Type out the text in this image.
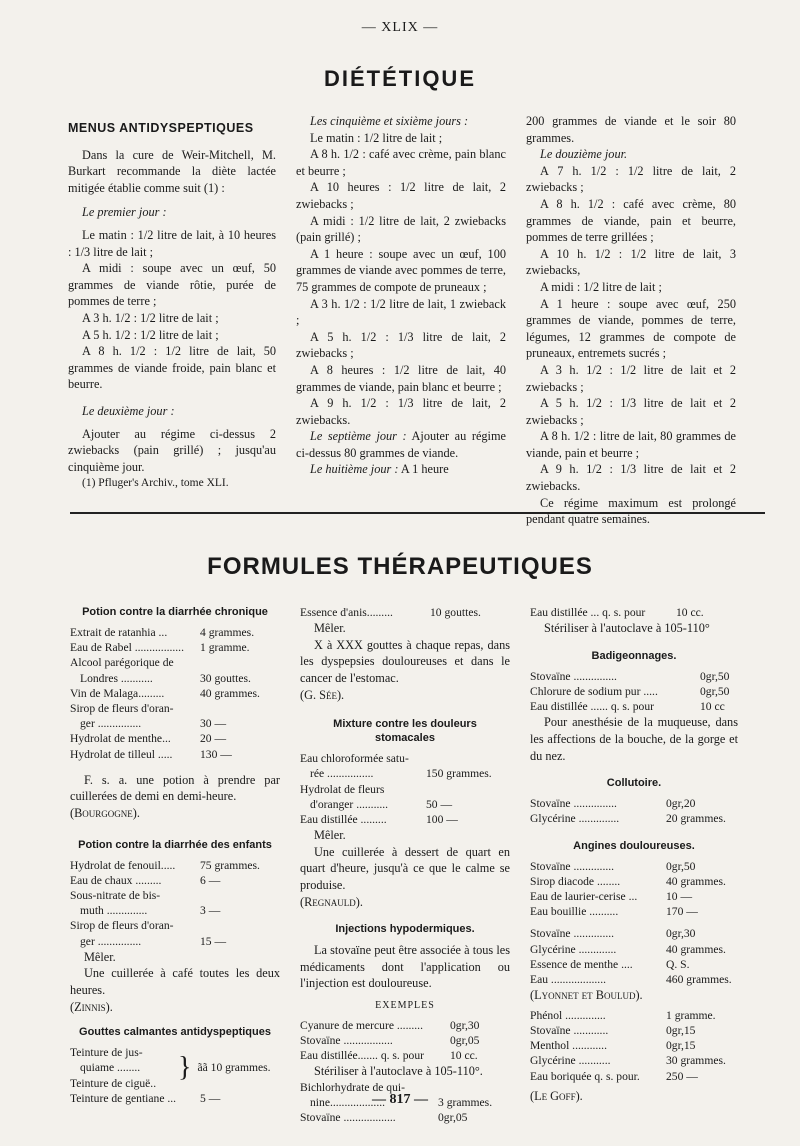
— XLIX —
DIÉTÉTIQUE
MENUS ANTIDYSPEPTIQUES

Dans la cure de Weir-Mitchell, M. Burkart recommande la diète lactée mitigée établie comme suit (1) :

Le premier jour :

Le matin : 1/2 litre de lait, à 10 heures : 1/3 litre de lait ;

A midi : soupe avec un œuf, 50 grammes de viande rôtie, purée de pommes de terre ;

A 3 h. 1/2 : 1/2 litre de lait ;

A 5 h. 1/2 : 1/2 litre de lait ;

A 8 h. 1/2 : 1/2 litre de lait, 50 grammes de viande froide, pain blanc et beurre.

Le deuxième jour :

Ajouter au régime ci-dessus 2 zwiebacks (pain grillé) ; jusqu'au cinquième jour.

(1) Pfluger's Archiv., tome XLI.

Les cinquième et sixième jours :

Le matin : 1/2 litre de lait ;

A 8 h. 1/2 : café avec crème, pain blanc et beurre ;

A 10 heures : 1/2 litre de lait, 2 zwiebacks ;

A midi : 1/2 litre de lait, 2 zwiebacks (pain grillé) ;

A 1 heure : soupe avec un œuf, 100 grammes de viande avec pommes de terre, 75 grammes de compote de pruneaux ;

A 3 h. 1/2 : 1/2 litre de lait, 1 zwieback ;

A 5 h. 1/2 : 1/3 litre de lait, 2 zwiebacks ;

A 8 heures : 1/2 litre de lait, 40 grammes de viande, pain blanc et beurre ;

A 9 h. 1/2 : 1/3 litre de lait, 2 zwiebacks.

Le septième jour : Ajouter au régime ci-dessus 80 grammes de viande.

Le huitième jour : A 1 heure

200 grammes de viande et le soir 80 grammes.

Le douzième jour.

A 7 h. 1/2 : 1/2 litre de lait, 2 zwiebacks ;

A 8 h. 1/2 : café avec crème, 80 grammes de viande, pain et beurre, pommes de terre grillées ;

A 10 h. 1/2 : 1/2 litre de lait, 3 zwiebacks,

A midi : 1/2 litre de lait ;

A 1 heure : soupe avec œuf, 250 grammes de viande, pommes de terre, légumes, 12 grammes de compote de pruneaux, entremets sucrés ;

A 3 h. 1/2 : 1/2 litre de lait et 2 zwiebacks ;

A 5 h. 1/2 : 1/3 litre de lait et 2 zwiebacks ;

A 8 h. 1/2 : litre de lait, 80 grammes de viande, pain et beurre ;

A 9 h. 1/2 : 1/3 litre de lait et 2 zwiebacks.

Ce régime maximum est prolongé pendant quatre semaines.

FORMULES THÉRAPEUTIQUES
Potion contre la diarrhée chronique
Extrait de ratanhia ...	4 grammes.
Eau de Rabel .................	1 gramme.
Alcool parégorique de
Londres ...........	30 gouttes.
Vin de Malaga.........	40 grammes.
Sirop de fleurs d'oran-
ger ...............	30 —
Hydrolat de menthe...	20 —
Hydrolat de tilleul .....	130 —

F. s. a. une potion à prendre par cuillerées de demi en demi-heure.

(Bourgogne).

Potion contre la diarrhée des enfants
Hydrolat de fenouil.....	75 grammes.
Eau de chaux .........	6 —
Sous-nitrate de bis-
muth ..............	3 —
Sirop de fleurs d'oran-
ger ...............	15 —

Mêler.

Une cuillerée à café toutes les deux heures.

(Zinnis).

Gouttes calmantes antidyspeptiques
Teinture de jus-
quiame ........
Teinture de ciguë..
} ãã 10 grammes.
Teinture de gentiane ...	5 —
Essence d'anis.........	10 gouttes.

Mêler.

X à XXX gouttes à chaque repas, dans les dyspepsies douloureuses et dans le cancer de l'estomac.

(G. Sée).

Mixture contre les douleurs stomacales
Eau chloroformée satu-
rée ................	150 grammes.
Hydrolat de fleurs
d'oranger ...........	50 —
Eau distillée .........	100 —

Mêler.

Une cuillerée à dessert de quart en quart d'heure, jusqu'à ce que le calme se produise.

(Regnauld).

Injections hypodermiques.

La stovaïne peut être associée à tous les médicaments dont l'application ou l'injection est douloureuse.

EXEMPLES
Cyanure de mercure .........	0gr,30
Stovaïne .................	0gr,05
Eau distillée....... q. s. pour	10 cc.

Stériliser à l'autoclave à 105-110°.

Bichlorhydrate de qui-
nine...................	3 grammes.
Stovaïne ..................	0gr,05
Eau distillée ... q. s. pour	10 cc.

Stériliser à l'autoclave à 105-110°

Badigeonnages.
Stovaïne ...............	0gr,50
Chlorure de sodium pur .....	0gr,50
Eau distillée ...... q. s. pour	10 cc

Pour anesthésie de la muqueuse, dans les affections de la bouche, de la gorge et du nez.

Collutoire.
Stovaïne ...............	0gr,20
Glycérine ..............	20 grammes.
Angines douloureuses.
Stovaïne ..............	0gr,50
Sirop diacode ........	40 grammes.
Eau de laurier-cerise ...	10 —
Eau bouillie ..........	170 —
Stovaïne ..............	0gr,30
Glycérine .............	40 grammes.
Essence de menthe ....	Q. S.
Eau ...................	460 grammes.

(Lyonnet et Boulud).

Phénol ..............	1 gramme.
Stovaïne ............	0gr,15
Menthol ............	0gr,15
Glycérine ...........	30 grammes.
Eau boriquée q. s. pour.	250 —

(Le Goff).

— 817 —
